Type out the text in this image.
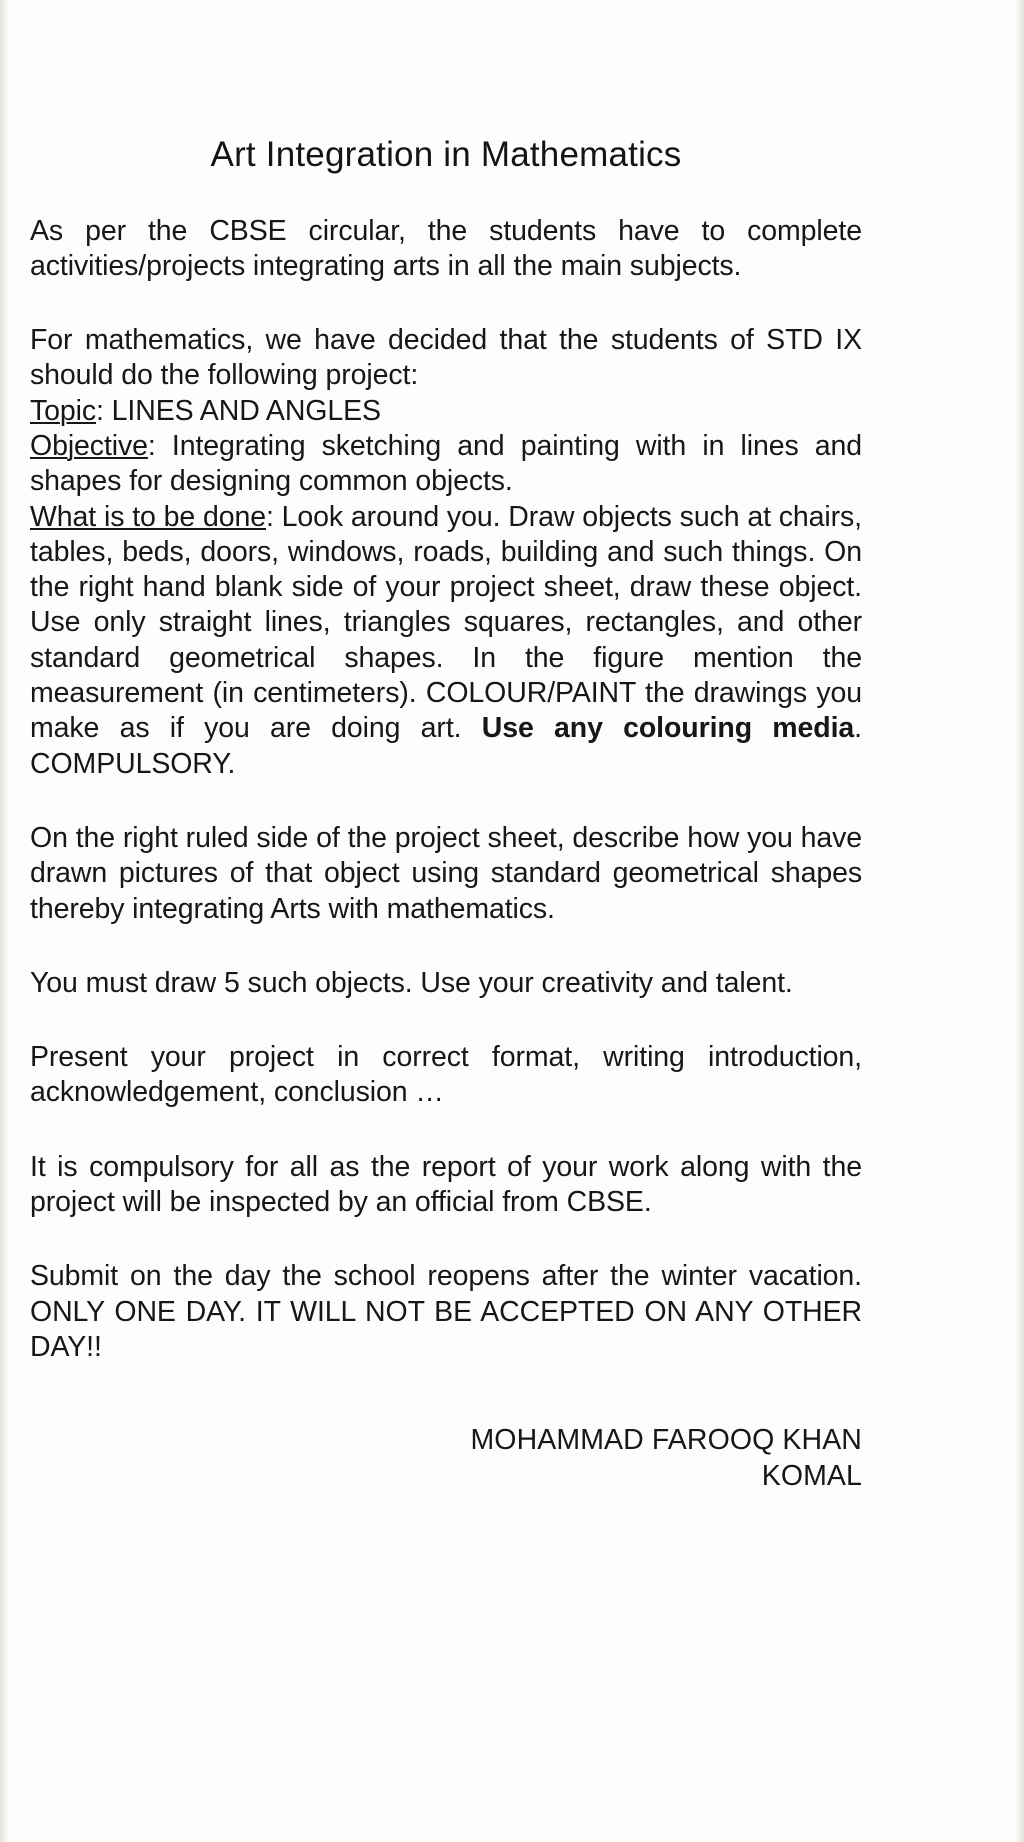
Art Integration in Mathematics

As per the CBSE circular, the students have to complete activities/projects integrating arts in all the main subjects.

For mathematics, we have decided that the students of STD IX should do the following project:

Topic: LINES AND ANGLES

Objective: Integrating sketching and painting with in lines and shapes for designing common objects.

What is to be done: Look around you. Draw objects such at chairs, tables, beds, doors, windows, roads, building and such things. On the right hand blank side of your project sheet, draw these object. Use only straight lines, triangles squares, rectangles, and other standard geometrical shapes. In the figure mention the measurement (in centimeters). COLOUR/PAINT the drawings you make as if you are doing art. Use any colouring media. COMPULSORY.

On the right ruled side of the project sheet, describe how you have drawn pictures of that object using standard geometrical shapes thereby integrating Arts with mathematics.

You must draw 5 such objects. Use your creativity and talent.

Present your project in correct format, writing introduction, acknowledgement, conclusion …

It is compulsory for all as the report of your work along with the project will be inspected by an official from CBSE.

Submit on the day the school reopens after the winter vacation. ONLY ONE DAY. IT WILL NOT BE ACCEPTED ON ANY OTHER DAY!!

MOHAMMAD FAROOQ KHAN
KOMAL
